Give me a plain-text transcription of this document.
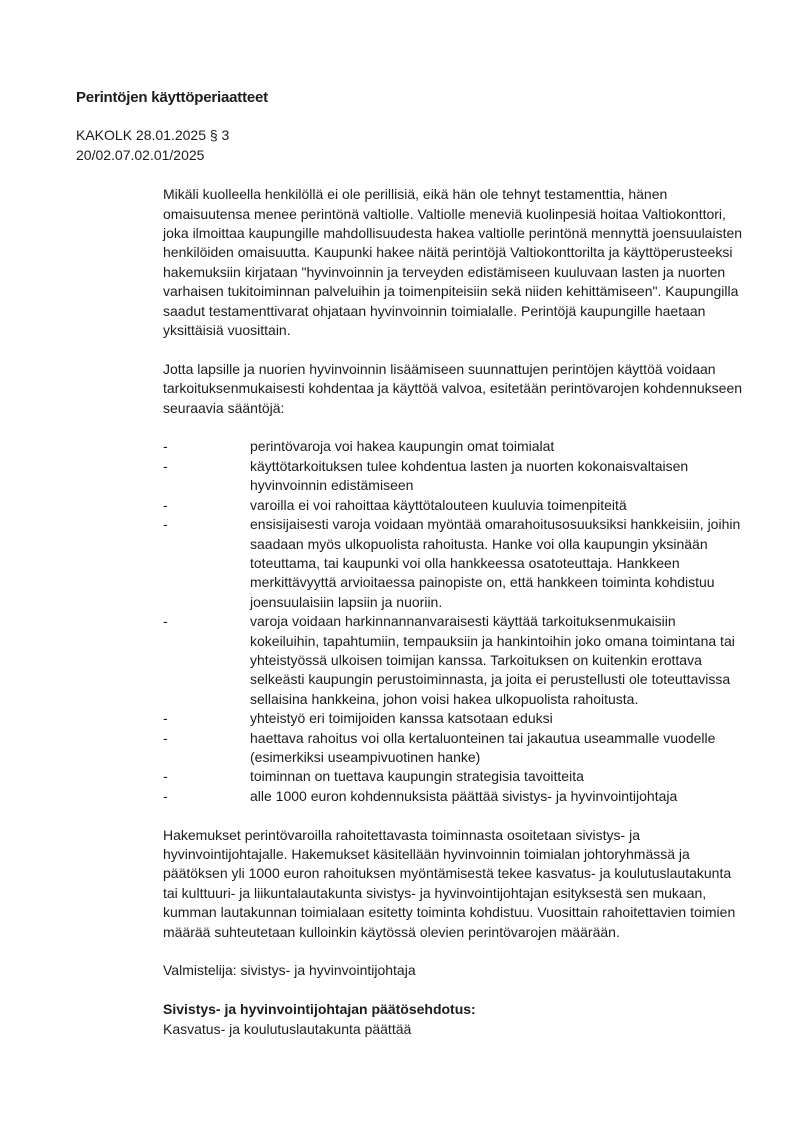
Perintöjen käyttöperiaatteet

KAKOLK 28.01.2025 § 3

20/02.07.02.01/2025

Mikäli kuolleella henkilöllä ei ole perillisiä, eikä hän ole tehnyt testamenttia, hänen omaisuutensa menee perintönä valtiolle. Valtiolle meneviä kuolinpesiä hoitaa Valtiokonttori, joka ilmoittaa kaupungille mahdollisuudesta hakea valtiolle perintönä mennyttä joensuulaisten henkilöiden omaisuutta. Kaupunki hakee näitä perintöjä Valtiokonttorilta ja käyttöperusteeksi hakemuksiin kirjataan "hyvinvoinnin ja terveyden edistämiseen kuuluvaan lasten ja nuorten varhaisen tukitoiminnan palveluihin ja toimenpiteisiin sekä niiden kehittämiseen". Kaupungilla saadut testamenttivarat ohjataan hyvinvoinnin toimialalle. Perintöjä kaupungille haetaan yksittäisiä vuosittain.

Jotta lapsille ja nuorien hyvinvoinnin lisäämiseen suunnattujen perintöjen käyttöä voidaan tarkoituksenmukaisesti kohdentaa ja käyttöä valvoa, esitetään perintövarojen kohdennukseen seuraavia sääntöjä:

-	perintövaroja voi hakea kaupungin omat toimialat
-	käyttötarkoituksen tulee kohdentua lasten ja nuorten kokonaisvaltaisen hyvinvoinnin edistämiseen
-	varoilla ei voi rahoittaa käyttötalouteen kuuluvia toimenpiteitä
-	ensisijaisesti varoja voidaan myöntää omarahoitusosuuksiksi hankkeisiin, joihin saadaan myös ulkopuolista rahoitusta. Hanke voi olla kaupungin yksinään toteuttama, tai kaupunki voi olla hankkeessa osatoteuttaja. Hankkeen merkittävyyttä arvioitaessa painopiste on, että hankkeen toiminta kohdistuu joensuulaisiin lapsiin ja nuoriin.
-	varoja voidaan harkinnannanvaraisesti käyttää tarkoituksenmukaisiin kokeiluihin, tapahtumiin, tempauksiin ja hankintoihin joko omana toimintana tai yhteistyössä ulkoisen toimijan kanssa. Tarkoituksen on kuitenkin erottava selkeästi kaupungin perustoiminnasta, ja joita ei perustellusti ole toteuttavissa sellaisina hankkeina, johon voisi hakea ulkopuolista rahoitusta.
-	yhteistyö eri toimijoiden kanssa katsotaan eduksi
-	haettava rahoitus voi olla kertaluonteinen tai jakautua useammalle vuodelle (esimerkiksi useampivuotinen hanke)
-	toiminnan on tuettava kaupungin strategisia tavoitteita
-	alle 1000 euron kohdennuksista päättää sivistys- ja hyvinvointijohtaja

Hakemukset perintövaroilla rahoitettavasta toiminnasta osoitetaan sivistys- ja hyvinvointijohtajalle. Hakemukset käsitellään hyvinvoinnin toimialan johtoryhmässä ja päätöksen yli 1000 euron rahoituksen myöntämisestä tekee kasvatus- ja koulutuslautakunta tai kulttuuri- ja liikuntalautakunta sivistys- ja hyvinvointijohtajan esityksestä sen mukaan, kumman lautakunnan toimialaan esitetty toiminta kohdistuu. Vuosittain rahoitettavien toimien määrää suhteutetaan kulloinkin käytössä olevien perintövarojen määrään.

Valmistelija: sivistys- ja hyvinvointijohtaja

Sivistys- ja hyvinvointijohtajan päätösehdotus:

Kasvatus- ja koulutuslautakunta päättää
